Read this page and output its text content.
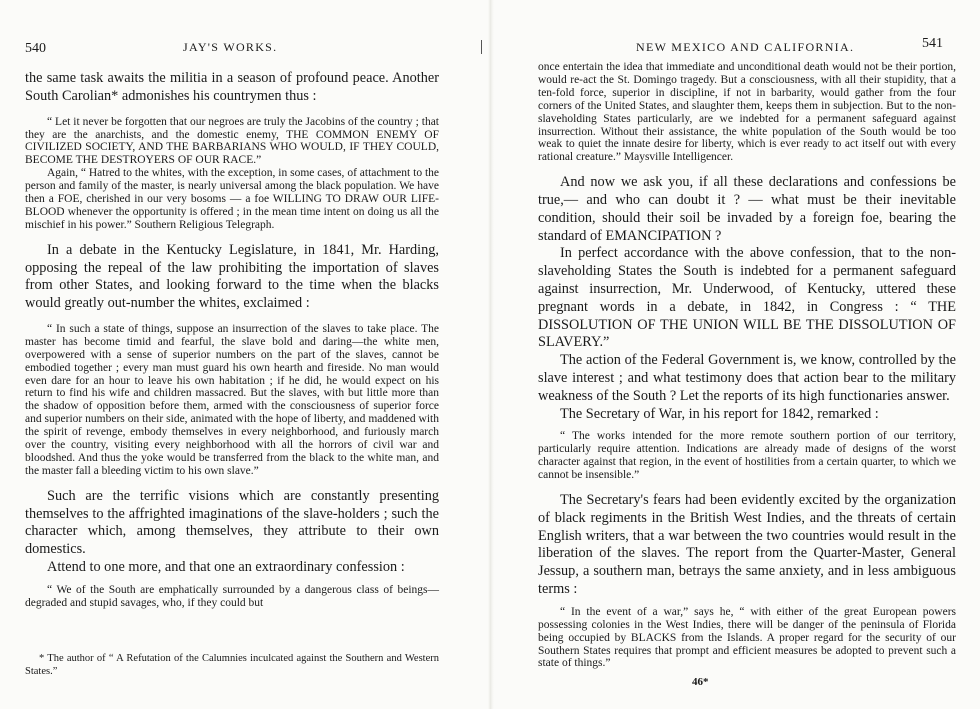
540	JAY'S WORKS.

the same task awaits the militia in a season of profound peace. Another South Carolian* admonishes his countrymen thus :

“ Let it never be forgotten that our negroes are truly the Jacobins of the country ; that they are the anarchists, and the domestic enemy, THE COMMON ENEMY OF CIVILIZED SOCIETY, AND THE BARBARIANS WHO WOULD, IF THEY COULD, BECOME THE DESTROYERS OF OUR RACE.”

Again, “ Hatred to the whites, with the exception, in some cases, of attachment to the person and family of the master, is nearly universal among the black population. We have then a FOE, cherished in our very bosoms — a foe WILLING TO DRAW OUR LIFE-BLOOD whenever the opportunity is offered ; in the mean time intent on doing us all the mischief in his power.” Southern Religious Telegraph.

In a debate in the Kentucky Legislature, in 1841, Mr. Harding, opposing the repeal of the law prohibiting the importation of slaves from other States, and looking forward to the time when the blacks would greatly out-number the whites, exclaimed :

“ In such a state of things, suppose an insurrection of the slaves to take place. The master has become timid and fearful, the slave bold and daring—the white men, overpowered with a sense of superior numbers on the part of the slaves, cannot be embodied together ; every man must guard his own hearth and fireside. No man would even dare for an hour to leave his own habitation ; if he did, he would expect on his return to find his wife and children massacred. But the slaves, with but little more than the shadow of opposition before them, armed with the consciousness of superior force and superior numbers on their side, animated with the hope of liberty, and maddened with the spirit of revenge, embody themselves in every neighborhood, and furiously march over the country, visiting every neighborhood with all the horrors of civil war and bloodshed. And thus the yoke would be transferred from the black to the white man, and the master fall a bleeding victim to his own slave.”

Such are the terrific visions which are constantly presenting themselves to the affrighted imaginations of the slave-holders ; such the character which, among themselves, they attribute to their own domestics.

Attend to one more, and that one an extraordinary confession :

“ We of the South are emphatically surrounded by a dangerous class of beings—degraded and stupid savages, who, if they could but

* The author of “ A Refutation of the Calumnies inculcated against the Southern and Western States.”
NEW MEXICO AND CALIFORNIA.	541

once entertain the idea that immediate and unconditional death would not be their portion, would re-act the St. Domingo tragedy. But a consciousness, with all their stupidity, that a ten-fold force, superior in discipline, if not in barbarity, would gather from the four corners of the United States, and slaughter them, keeps them in subjection. But to the non-slaveholding States particularly, are we indebted for a permanent safeguard against insurrection. Without their assistance, the white population of the South would be too weak to quiet the innate desire for liberty, which is ever ready to act itself out with every rational creature.” Maysville Intelligencer.

And now we ask you, if all these declarations and confessions be true,— and who can doubt it ? — what must be their inevitable condition, should their soil be invaded by a foreign foe, bearing the standard of EMANCIPATION ?

In perfect accordance with the above confession, that to the non-slaveholding States the South is indebted for a permanent safeguard against insurrection, Mr. Underwood, of Kentucky, uttered these pregnant words in a debate, in 1842, in Congress : “ THE DISSOLUTION OF THE UNION WILL BE THE DISSOLUTION OF SLAVERY.”

The action of the Federal Government is, we know, controlled by the slave interest ; and what testimony does that action bear to the military weakness of the South ? Let the reports of its high functionaries answer.

The Secretary of War, in his report for 1842, remarked :

“ The works intended for the more remote southern portion of our territory, particularly require attention. Indications are already made of designs of the worst character against that region, in the event of hostilities from a certain quarter, to which we cannot be insensible.”

The Secretary's fears had been evidently excited by the organization of black regiments in the British West Indies, and the threats of certain English writers, that a war between the two countries would result in the liberation of the slaves. The report from the Quarter-Master, General Jessup, a southern man, betrays the same anxiety, and in less ambiguous terms :

“ In the event of a war,” says he, “ with either of the great European powers possessing colonies in the West Indies, there will be danger of the peninsula of Florida being occupied by BLACKS from the Islands. A proper regard for the security of our Southern States requires that prompt and efficient measures be adopted to prevent such a state of things.”

46*
